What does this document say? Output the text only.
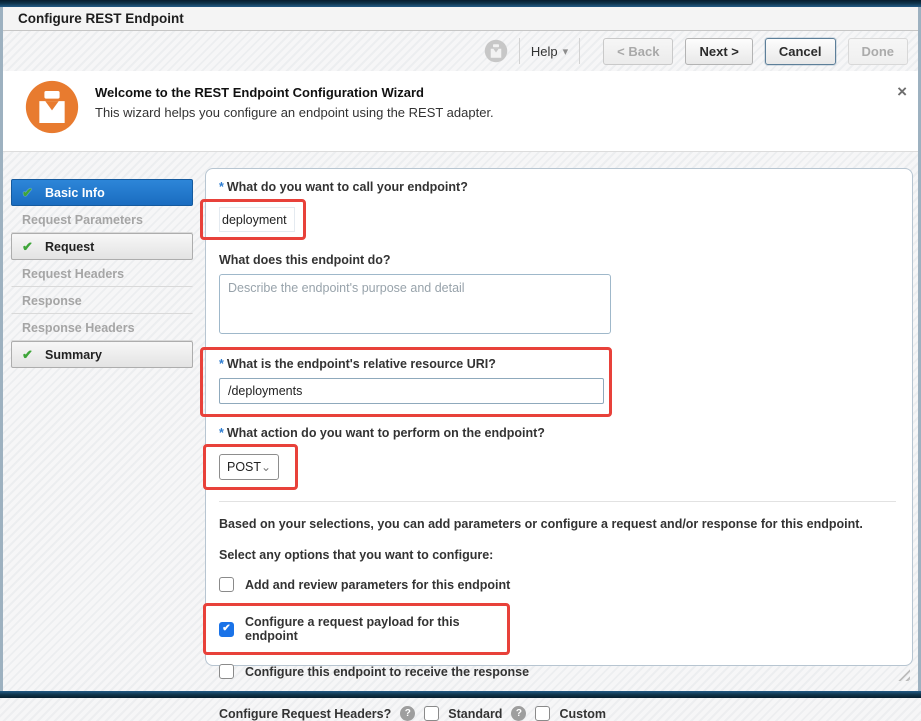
Configure REST Endpoint
Help ▾	< Back	Next >	Cancel	Done
Welcome to the REST Endpoint Configuration Wizard
This wizard helps you configure an endpoint using the REST adapter.
×
✔ Basic Info
Request Parameters
✔ Request
Request Headers
Response
Response Headers
✔ Summary
* What do you want to call your endpoint?
deployment
What does this endpoint do?
Describe the endpoint's purpose and detail
* What is the endpoint's relative resource URI?
/deployments
* What action do you want to perform on the endpoint?
POST ⌄
Based on your selections, you can add parameters or configure a request and/or response for this endpoint.
Select any options that you want to configure:
Add and review parameters for this endpoint
✔ Configure a request payload for this endpoint
Configure this endpoint to receive the response
Configure Request Headers?	?	Standard	?	Custom
